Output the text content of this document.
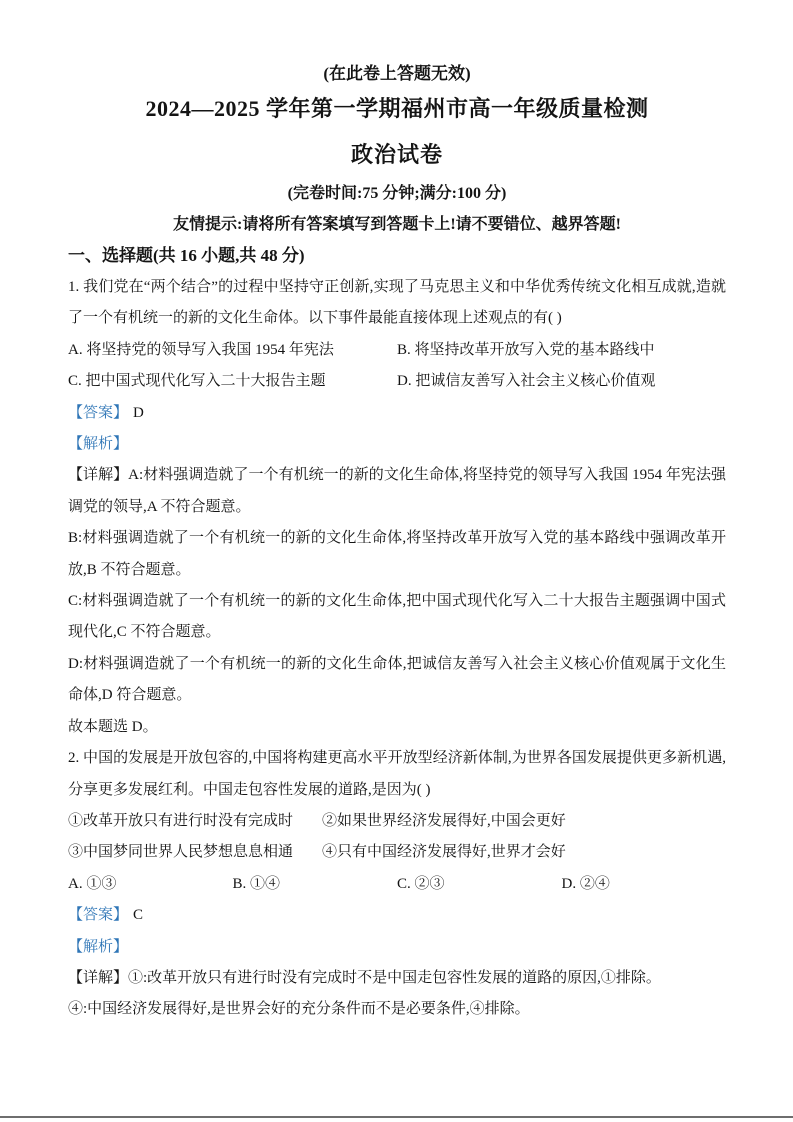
(在此卷上答题无效)
2024—2025 学年第一学期福州市高一年级质量检测
政治试卷
(完卷时间:75 分钟;满分:100 分)
友情提示:请将所有答案填写到答题卡上!请不要错位、越界答题!
一、选择题(共 16 小题,共 48 分)
1. 我们党在“两个结合”的过程中坚持守正创新,实现了马克思主义和中华优秀传统文化相互成就,造就了一个有机统一的新的文化生命体。以下事件最能直接体现上述观点的有( )
A. 将坚持党的领导写入我国 1954 年宪法	B. 将坚持改革开放写入党的基本路线中
C. 把中国式现代化写入二十大报告主题	D. 把诚信友善写入社会主义核心价值观
【答案】 D
【解析】
【详解】A:材料强调造就了一个有机统一的新的文化生命体,将坚持党的领导写入我国 1954 年宪法强调党的领导,A 不符合题意。
B:材料强调造就了一个有机统一的新的文化生命体,将坚持改革开放写入党的基本路线中强调改革开放,B 不符合题意。
C:材料强调造就了一个有机统一的新的文化生命体,把中国式现代化写入二十大报告主题强调中国式现代化,C 不符合题意。
D:材料强调造就了一个有机统一的新的文化生命体,把诚信友善写入社会主义核心价值观属于文化生命体,D 符合题意。
故本题选 D。
2. 中国的发展是开放包容的,中国将构建更高水平开放型经济新体制,为世界各国发展提供更多新机遇,分享更多发展红利。中国走包容性发展的道路,是因为( )
①改革开放只有进行时没有完成时	②如果世界经济发展得好,中国会更好
③中国梦同世界人民梦想息息相通	④只有中国经济发展得好,世界才会好
A. ①③	B. ①④	C. ②③	D. ②④
【答案】 C
【解析】
【详解】①:改革开放只有进行时没有完成时不是中国走包容性发展的道路的原因,①排除。
④:中国经济发展得好,是世界会好的充分条件而不是必要条件,④排除。
